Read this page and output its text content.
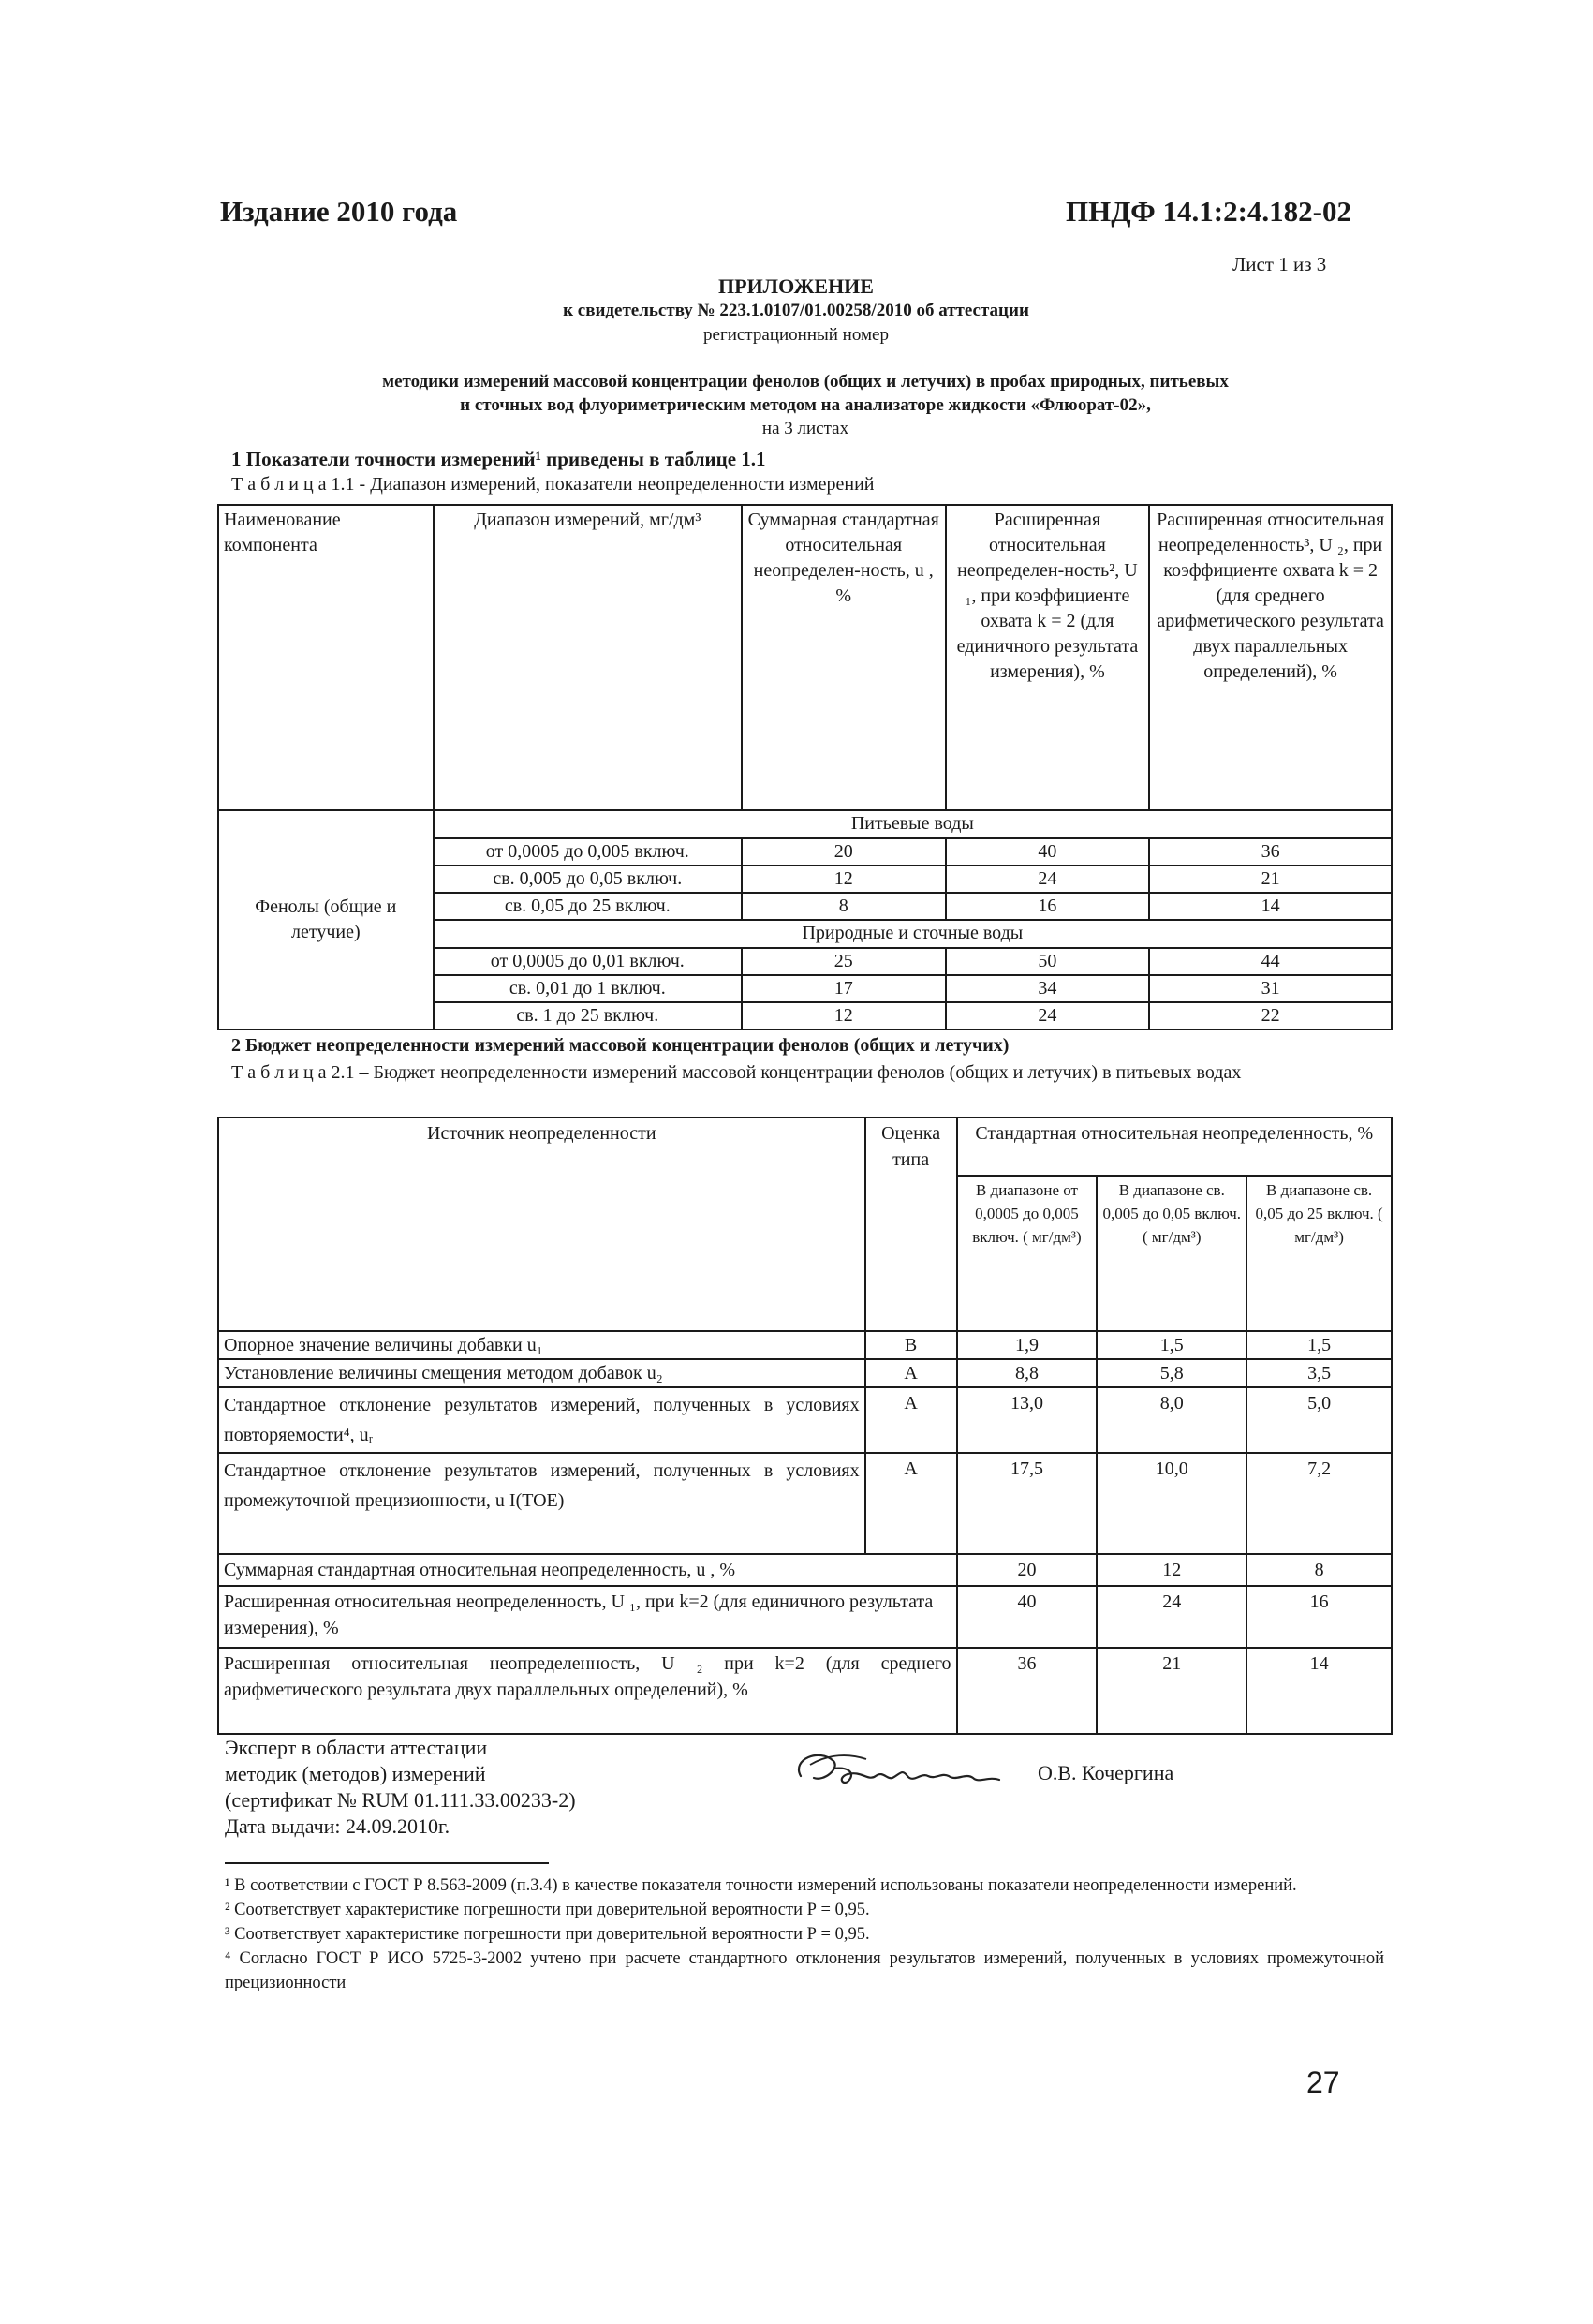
Издание 2010 года	ПНДФ 14.1:2:4.182-02
Лист 1 из 3
ПРИЛОЖЕНИЕ
к свидетельству № 223.1.0107/01.00258/2010 об аттестации
регистрационный номер
методики измерений массовой концентрации фенолов (общих и летучих) в пробах природных, питьевых
и сточных вод флуориметрическим методом на анализаторе жидкости «Флюорат-02»,
на 3 листах
1 Показатели точности измерений¹ приведены в таблице 1.1
Т а б л и ц а 1.1 - Диапазон измерений, показатели неопределенности измерений
Наименование компонента	Диапазон измерений, мг/дм³	Суммарная стандартная относительная неопределен-ность, u , %	Расширенная относительная неопределен-ность², U ₁, при коэффициенте охвата k = 2 (для единичного результата измерения), %	Расширенная относительная неопределенность³, U ₂, при коэффициенте охвата k = 2 (для среднего арифметического результата двух параллельных определений), %
Фенолы (общие и летучие)	Питьевые воды			
	от 0,0005 до 0,005 включ.	20	40	36
	св. 0,005 до 0,05 включ.	12	24	21
	св. 0,05 до 25 включ.	8	16	14
	Природные и сточные воды			
	от 0,0005 до 0,01 включ.	25	50	44
	св. 0,01 до 1 включ.	17	34	31
	св. 1 до 25 включ.	12	24	22
2 Бюджет неопределенности измерений массовой концентрации фенолов (общих и летучих)
Т а б л и ц а 2.1 – Бюджет неопределенности измерений массовой концентрации фенолов (общих и летучих) в питьевых водах
Источник неопределенности	Оценка типа	Стандартная относительная неопределенность, %		
		В диапазоне от 0,0005 до 0,005 включ. ( мг/дм³)	В диапазоне св. 0,005 до 0,05 включ. ( мг/дм³)	В диапазоне св. 0,05 до 25 включ. ( мг/дм³)
Опорное значение величины добавки u₁	B	1,9	1,5	1,5
Установление величины смещения методом добавок u₂	A	8,8	5,8	3,5
Стандартное отклонение результатов измерений, полученных в условиях повторяемости⁴, uᵣ	A	13,0	8,0	5,0
Стандартное отклонение результатов измерений, полученных в условиях промежуточной прецизионности, u I(TOE)	A	17,5	10,0	7,2
Суммарная стандартная относительная неопределенность, u , %		20	12	8
Расширенная относительная неопределенность, U ₁, при k=2 (для единичного результата измерения), %		40	24	16
Расширенная относительная неопределенность, U ₂ при k=2 (для среднего арифметического результата двух параллельных определений), %		36	21	14
Эксперт в области аттестации
методик (методов) измерений
(сертификат № RUM 01.111.33.00233-2)
Дата выдачи: 24.09.2010г.
О.В. Кочергина
¹ В соответствии с ГОСТ Р 8.563-2009 (п.3.4) в качестве показателя точности измерений использованы показатели неопределенности измерений.
² Соответствует характеристике погрешности при доверительной вероятности Р = 0,95.
³ Соответствует характеристике погрешности при доверительной вероятности Р = 0,95.
⁴ Согласно ГОСТ Р ИСО 5725-3-2002 учтено при расчете стандартного отклонения результатов измерений, полученных в условиях промежуточной прецизионности
27
